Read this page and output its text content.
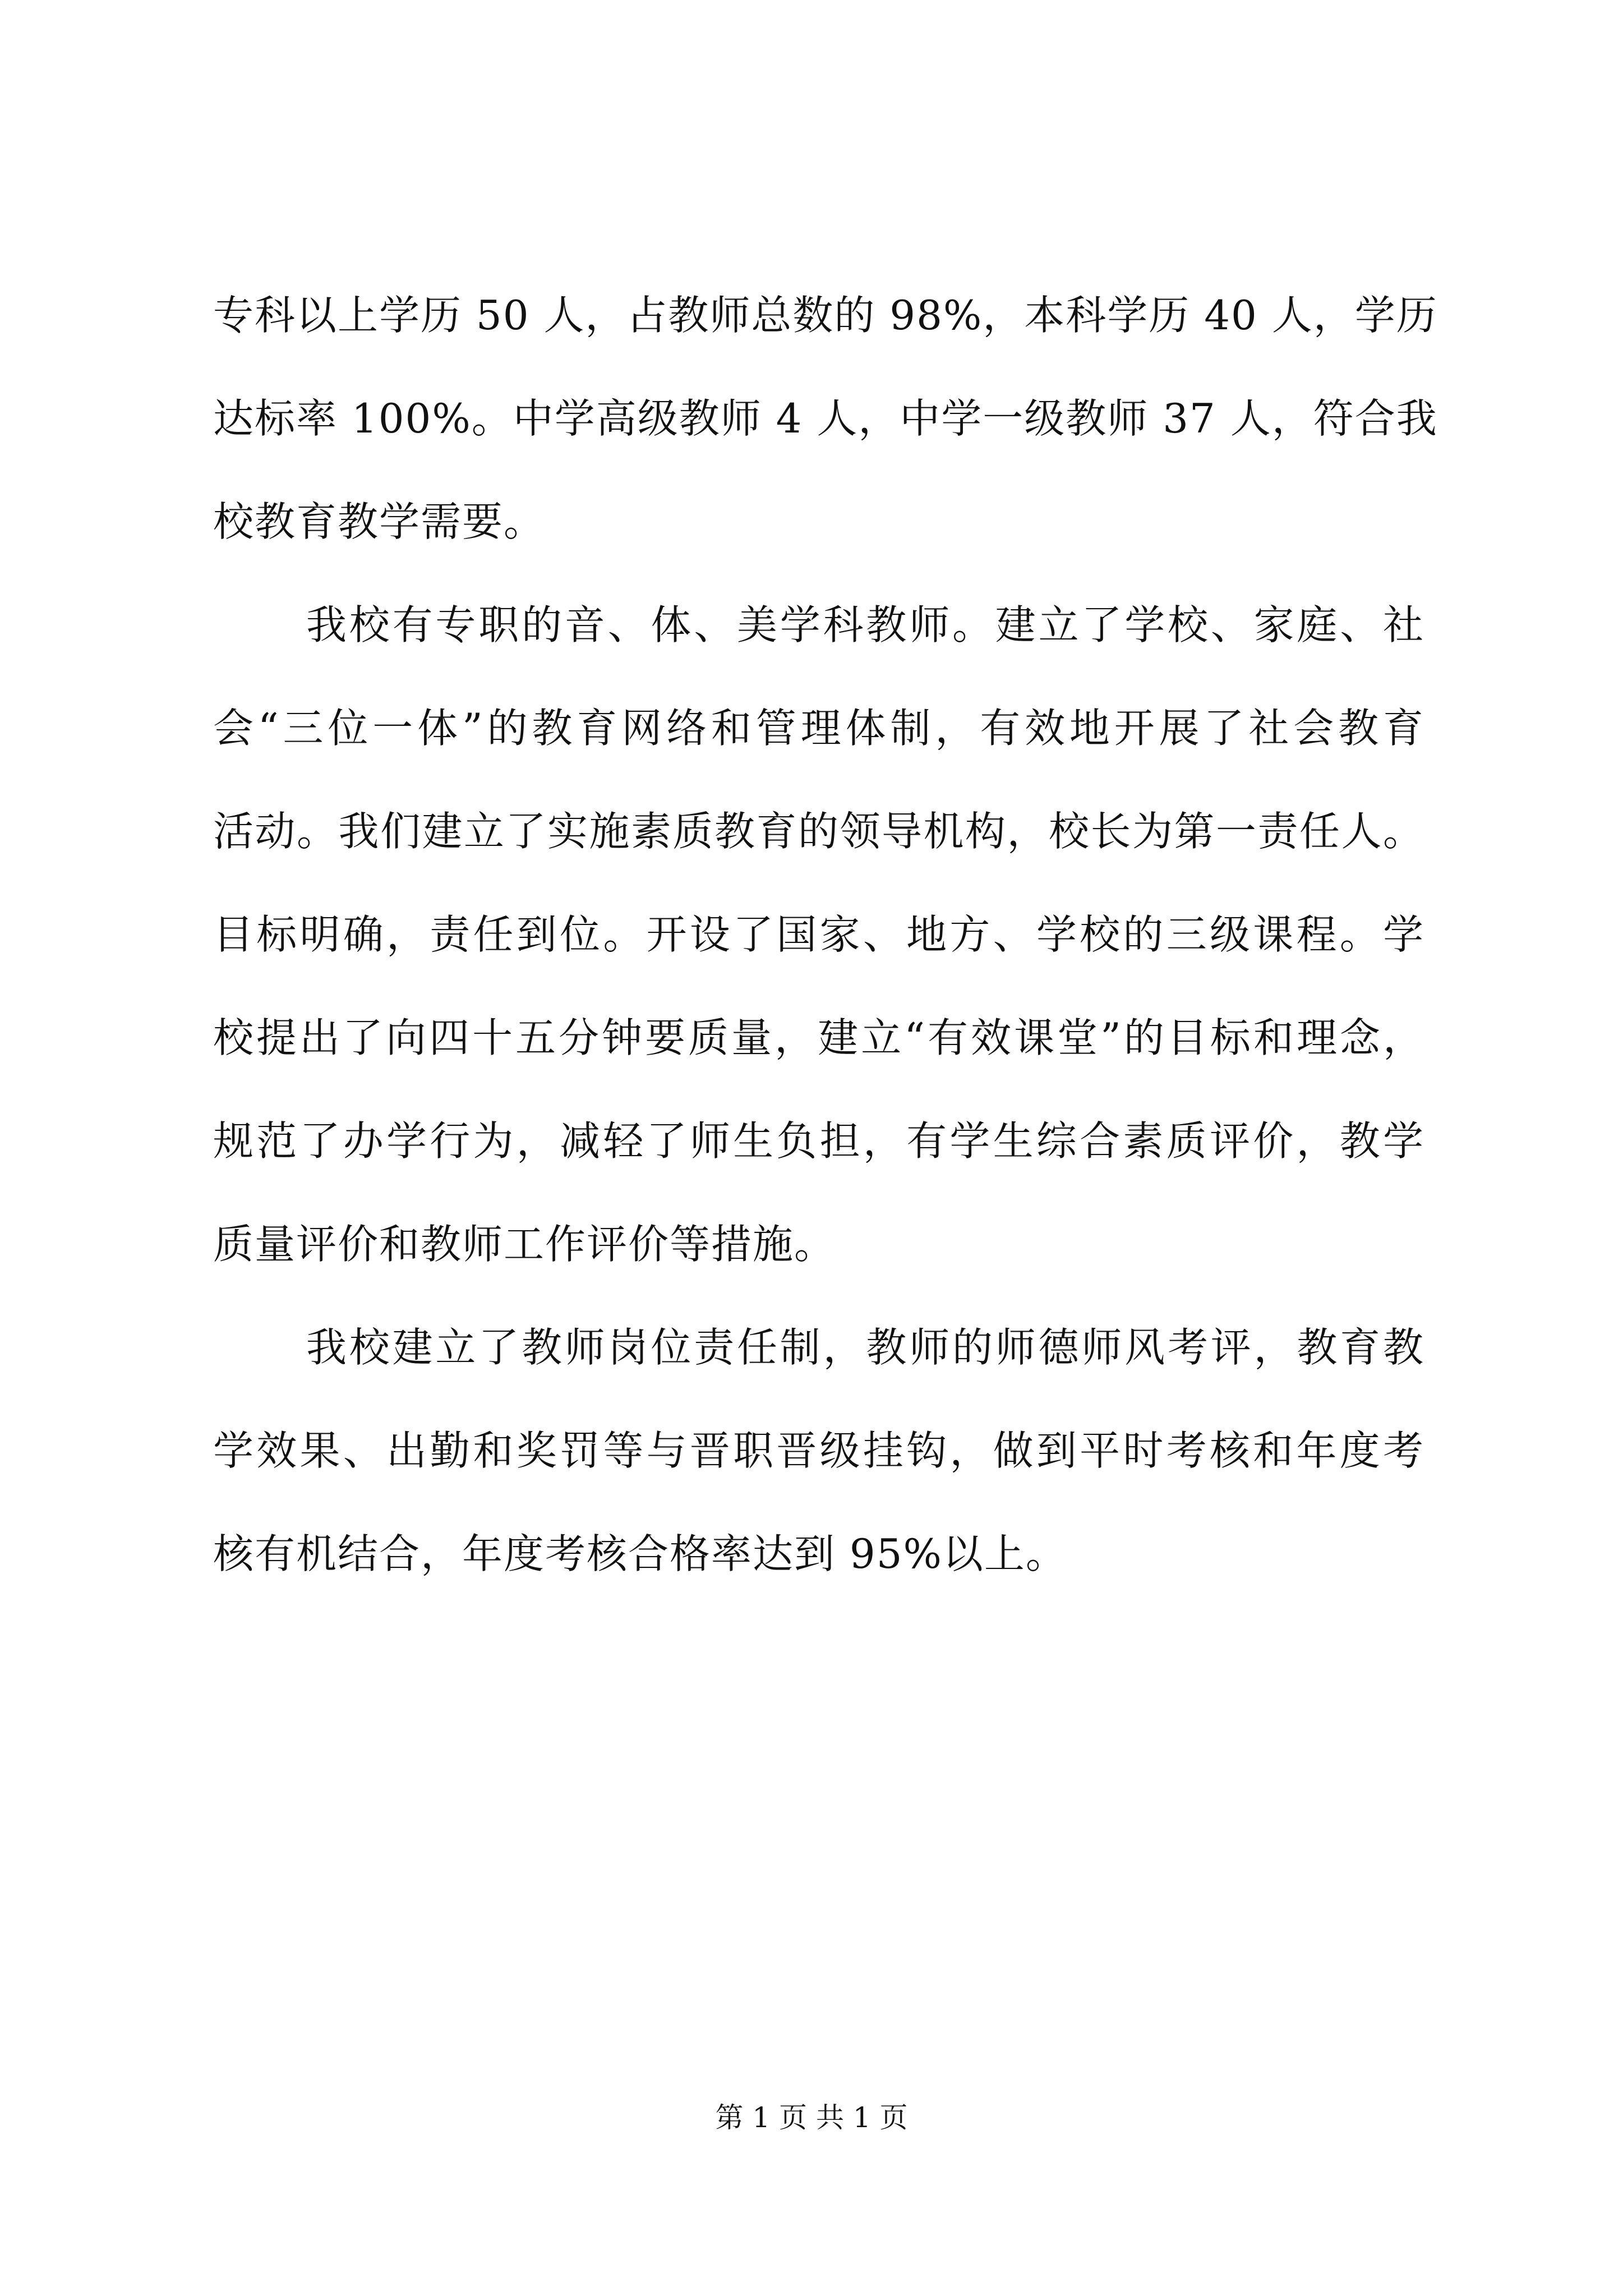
专科以上学历 50 人，占教师总数的 98%，本科学历 40 人，学历
达标率 100%。中学高级教师 4 人，中学一级教师 37 人，符合我
校教育教学需要。
我校有专职的音、体、美学科教师。建立了学校、家庭、社
会“三位一体”的教育网络和管理体制，有效地开展了社会教育
活动。我们建立了实施素质教育的领导机构，校长为第一责任人。
目标明确，责任到位。开设了国家、地方、学校的三级课程。学
校提出了向四十五分钟要质量，建立“有效课堂”的目标和理念，
规范了办学行为，减轻了师生负担，有学生综合素质评价，教学
质量评价和教师工作评价等措施。
我校建立了教师岗位责任制，教师的师德师风考评，教育教
学效果、出勤和奖罚等与晋职晋级挂钩，做到平时考核和年度考
核有机结合，年度考核合格率达到 95%以上。
第 1 页 共 1 页
